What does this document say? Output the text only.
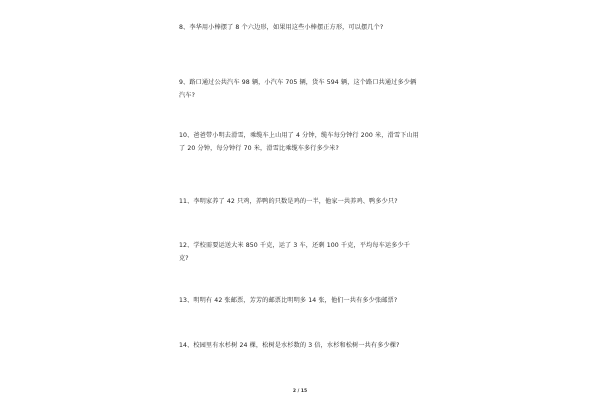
8、李华用小棒摆了 8 个六边形，如果用这些小棒摆正方形，可以摆几个?
9、路口通过公共汽车 98 辆，小汽车 705 辆，货车 594 辆，这个路口共通过多少辆汽车?
10、爸爸带小明去滑雪，乘缆车上山用了 4 分钟，缆车每分钟行 200 米，滑雪下山用了 20 分钟，每分钟行 70 米，滑雪比乘缆车多行多少米?
11、李明家养了 42 只鸡，养鸭的只数是鸡的一半，他家一共养鸡、鸭多少只?
12、学校需要运送大米 850 千克，运了 3 车，还剩 100 千克，平均每车运多少千克?
13、明明有 42 张邮票，芳芳的邮票比明明多 14 张，他们一共有多少张邮票?
14、校园里有水杉树 24 棵，松树是水杉数的 3 倍，水杉和松树一共有多少棵?
2 / 15
